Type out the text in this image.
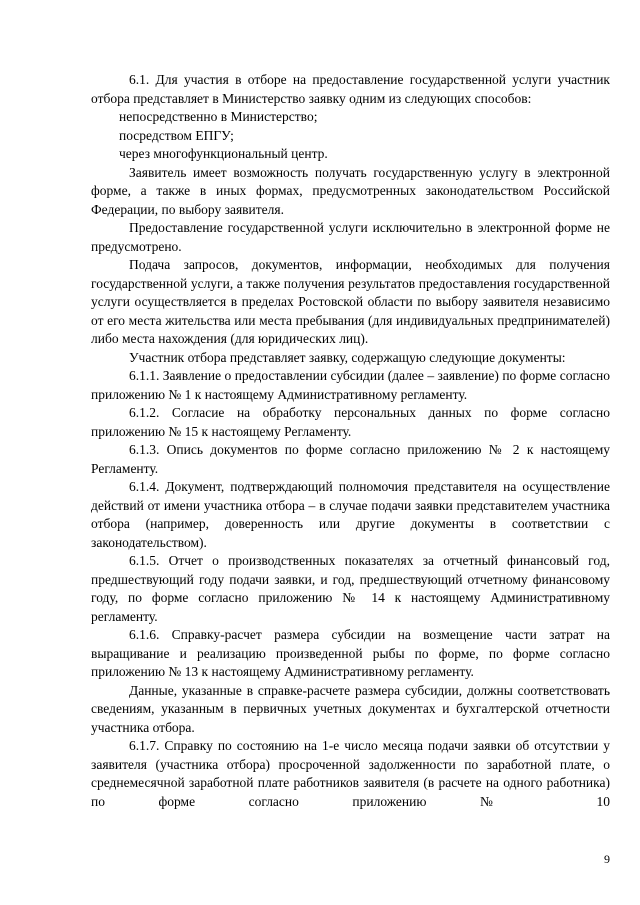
6.1. Для участия в отборе на предоставление государственной услуги участник отбора представляет в Министерство заявку одним из следующих способов:

непосредственно в Министерство;

посредством ЕПГУ;

через многофункциональный центр.

Заявитель имеет возможность получать государственную услугу в электронной форме, а также в иных формах, предусмотренных законодательством Российской Федерации, по выбору заявителя.

Предоставление государственной услуги исключительно в электронной форме не предусмотрено.

Подача запросов, документов, информации, необходимых для получения государственной услуги, а также получения результатов предоставления государственной услуги осуществляется в пределах Ростовской области по выбору заявителя независимо от его места жительства или места пребывания (для индивидуальных предпринимателей) либо места нахождения (для юридических лиц).

Участник отбора представляет заявку, содержащую следующие документы:

6.1.1. Заявление о предоставлении субсидии (далее – заявление) по форме согласно приложению № 1 к настоящему Административному регламенту.

6.1.2. Согласие на обработку персональных данных по форме согласно приложению № 15 к настоящему Регламенту.

6.1.3. Опись документов по форме согласно приложению № 2 к настоящему Регламенту.

6.1.4. Документ, подтверждающий полномочия представителя на осуществление действий от имени участника отбора – в случае подачи заявки представителем участника отбора (например, доверенность или другие документы в соответствии с законодательством).

6.1.5. Отчет о производственных показателях за отчетный финансовый год, предшествующий году подачи заявки, и год, предшествующий отчетному финансовому году, по форме согласно приложению № 14 к настоящему Административному регламенту.

6.1.6. Справку-расчет размера субсидии на возмещение части затрат на выращивание и реализацию произведенной рыбы по форме, по форме согласно приложению № 13 к настоящему Административному регламенту.

Данные, указанные в справке-расчете размера субсидии, должны соответствовать сведениям, указанным в первичных учетных документах и бухгалтерской отчетности участника отбора.

6.1.7. Справку по состоянию на 1-е число месяца подачи заявки об отсутствии у заявителя (участника отбора) просроченной задолженности по заработной плате, о среднемесячной заработной плате работников заявителя (в расчете на одного работника) по форме согласно приложению № 10

9
